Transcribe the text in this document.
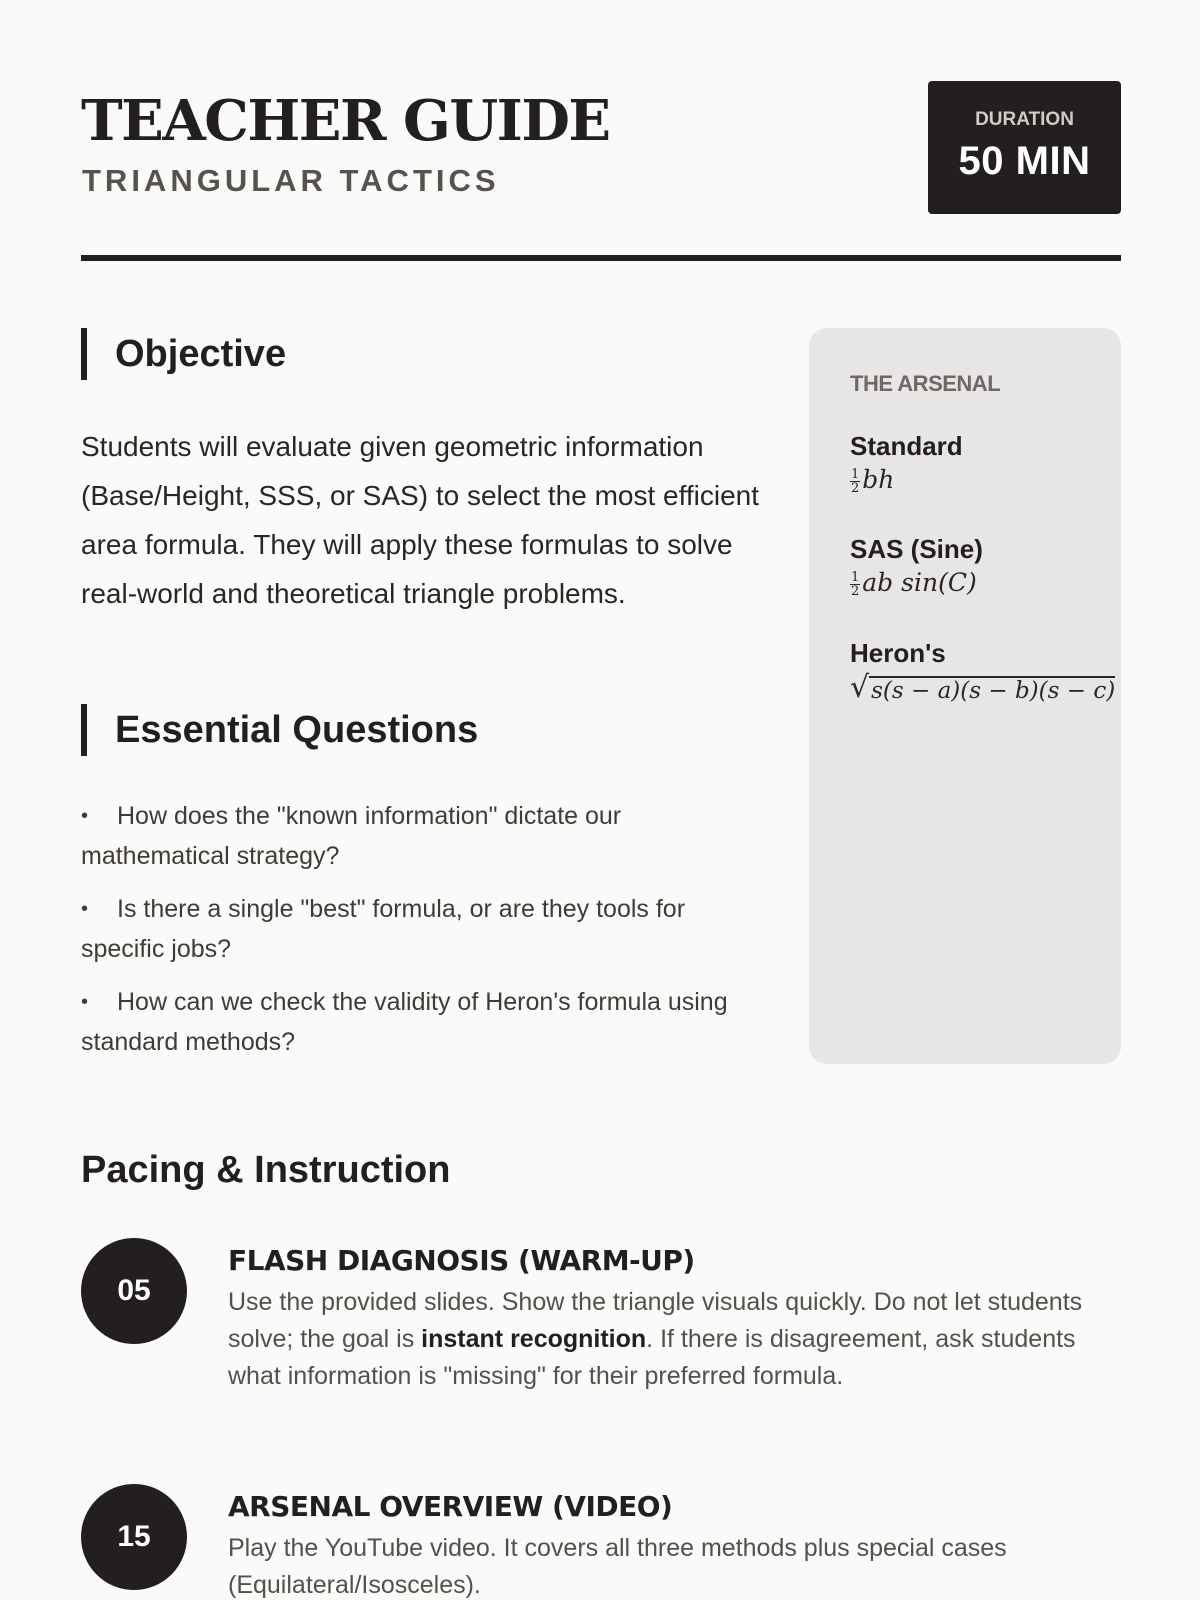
TEACHER GUIDE
TRIANGULAR TACTICS
DURATION
50 MIN
Objective
Students will evaluate given geometric information (Base/Height, SSS, or SAS) to select the most efficient area formula. They will apply these formulas to solve real-world and theoretical triangle problems.
Essential Questions
• How does the "known information" dictate our mathematical strategy?
• Is there a single "best" formula, or are they tools for specific jobs?
• How can we check the validity of Heron's formula using standard methods?
THE ARSENAL
Standard
$\frac{1}{2}$ bh
SAS (Sine)
$\frac{1}{2}$ ab sin(C)
Heron's
√ s(s − a)(s − b)(s − c)
Pacing & Instruction
05
FLASH DIAGNOSIS (WARM-UP)
Use the provided slides. Show the triangle visuals quickly. Do not let students solve; the goal is instant recognition. If there is disagreement, ask students what information is "missing" for their preferred formula.
15
ARSENAL OVERVIEW (VIDEO)
Play the YouTube video. It covers all three methods plus special cases (Equilateral/Isosceles).
